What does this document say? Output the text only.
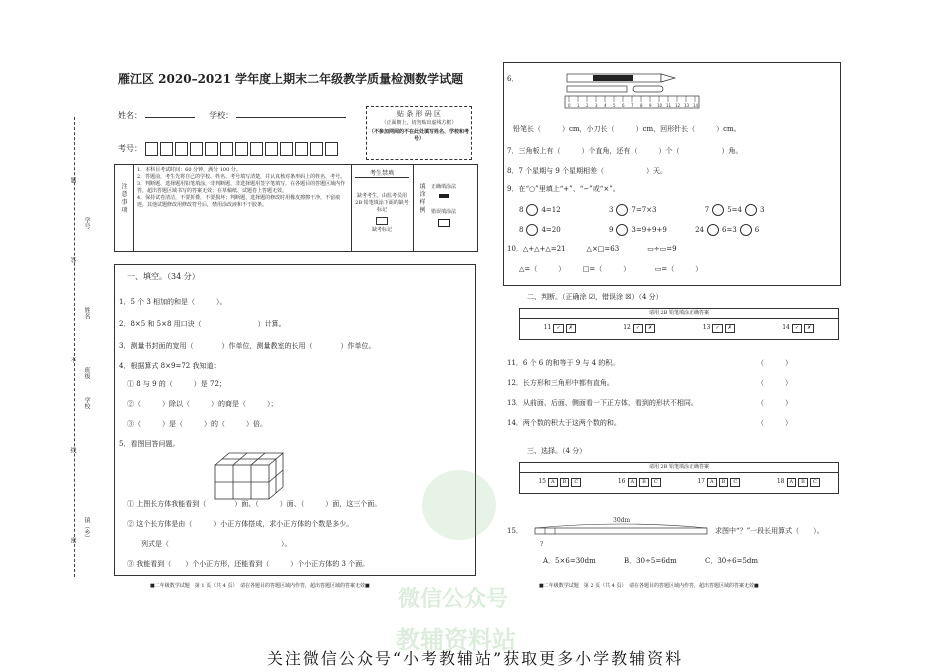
雁江区 2020–2021 学年度上期末二年级教学质量检测数学试题
题
答
不
线
密
学号
姓名
班级
学校
镇（乡）
姓名：	学校：
考号：
贴 条 形 码 区
（正面朝上，切勿贴出虚线方框）
（不参加网阅的不在此处填写姓名、学校和考号）
注 意 事 项
1．本科目考试时间：60 分钟，满分 100 分。
2．答题前，考生先将自己的学校、姓名、考号填写清楚，并认真核对条形码上的姓名、考号。
3．判断题、选择题用铅笔填涂，非判断题、非选择题用签字笔填写，在各题目的答题区域内作答，超出答题区域书写的答案无效；在草稿纸、试题卷上答题无效。
4．保持试卷清洁，不要折叠，不要损坏；判断题、选择题的修改时用橡皮擦擦干净，不留痕迹，其他试题修改用修改符号后，禁用涂改液和不干胶条。
考生禁填
缺考考生，由监考员用 2B 铅笔填涂下面的缺考标记
缺考标记
填 涂 样 例 正确填涂法
错误填涂法
一、填空。（34 分）
1．5 个 3 相加的和是（　　　）。
2．8×5 和 5×8 用口诀（　　　　　　　　）计算。
3．测量书封面的宽用（　　　　）作单位，测量教室的长用（　　　　）作单位。
4．根据算式 8×9=72 我知道：
① 8 与 9 的（　　　）是 72；
②（　　　）除以（　　　）的商是（　　　）；
③（　　　）是（　　　）的（　　　）倍。
5．看图回答问题。
① 上图长方体我能看到（　　　　）面、（　　　）面、（　　　）面，这三个面。
② 这个长方体是由（　　　）小正方体搭成，求小正方体的个数是多少。
列式是（　　　　　　　　　　　　　　　　）。
③ 我能看到（　　）个小正方形，还能看到（　　　）个小正方体的 3 个面。
■二年级数学试题　第 1 页（共 4 页）　请在各题目的答题区域内作答，超出答题区域的答案无效■
6．
0 1 2 3 4 5 6 7 8 9 10 11 12 13 14
铅笔长（　　　）cm，小刀长（　　　）cm，回形针长（　　　）cm。
7．三角板上有（　　　）个直角，还有（　　　）个（　　　　　　）角。
8．7 个星期与 9 个星期相差（　　　　　　）天。
9．在“○”里填上“+”、“−”或“×”。
8	4=12	3	7=7×3	7	5=4	3
8	4=20	9	3=9+9+9	24	6=3	6
10．△+△+△=21　　　△×□=63　　　　▭÷▭=9
△=（　　　）　　　□=（　　　）　　　　▭=（　　　）
二、判断。（正确涂 ☑，错误涂 ☒）（4 分）
请用 2B 铅笔填涂正确答案
11 ✓ ✗	12 ✓ ✗	13 ✓ ✗	14 ✓ ✗
11．6 个 6 的和等于 9 与 4 的积。
12．长方形和三角形中都有直角。
13．从前面、后面、侧面看一下正方体，看到的形状不相同。
14．两个数的积大于这两个数的和。
（　　　）
（　　　）
（　　　）
（　　　）
三、选择。（4 分）
请用 2B 铅笔填涂正确答案
15 A B C	16 A B C	17 A B C	18 A B C
15．
30dm
?
求图中“？”一段长用算式（　　）。
A．5×6=30dm	B．30÷5=6dm	C．30÷6=5dm
■二年级数学试题　第 2 页（共 4 页）　请在各题目的答题区域内作答，超出答题区域的答案无效■
微信公众号
教辅资料站
关注微信公众号“小考教辅站”获取更多小学教辅资料
